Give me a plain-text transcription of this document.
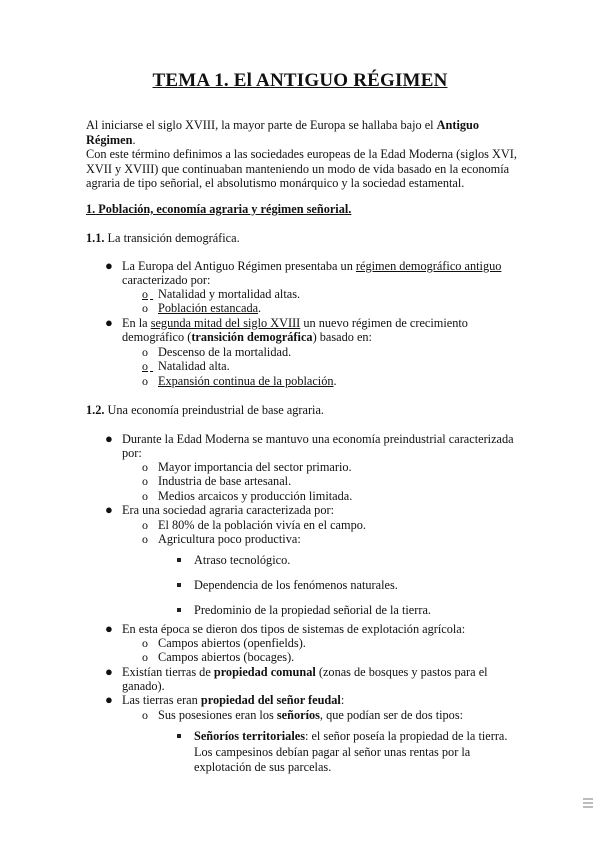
TEMA 1. El ANTIGUO RÉGIMEN
Al iniciarse el siglo XVIII, la mayor parte de Europa se hallaba bajo el Antiguo Régimen.
Con este término definimos a las sociedades europeas de la Edad Moderna (siglos XVI, XVII y XVIII) que continuaban manteniendo un modo de vida basado en la economía agraria de tipo señorial, el absolutismo monárquico y la sociedad estamental.
1. Población, economía agraria y régimen señorial.
1.1. La transición demográfica.
● La Europa del Antiguo Régimen presentaba un régimen demográfico antiguo
caracterizado por:
o
Natalidad y mortalidad altas.
o Población estancada.
● En la segunda mitad del siglo XVIII un nuevo régimen de crecimiento
demográfico (transición demográfica) basado en:
o Descenso de la mortalidad.
o
Natalidad alta.
o Expansión continua de la población.
1.2. Una economía preindustrial de base agraria.
● Durante la Edad Moderna se mantuvo una economía preindustrial caracterizada
por:
o Mayor importancia del sector primario.
o Industria de base artesanal.
o Medios arcaicos y producción limitada.
● Era una sociedad agraria caracterizada por:
o El 80% de la población vivía en el campo.
o Agricultura poco productiva:
Atraso tecnológico.
Dependencia de los fenómenos naturales.
Predominio de la propiedad señorial de la tierra.
● En esta época se dieron dos tipos de sistemas de explotación agrícola:
o Campos abiertos (openfields).
o Campos abiertos (bocages).
● Existían tierras de propiedad comunal (zonas de bosques y pastos para el
ganado).
● Las tierras eran propiedad del señor feudal:
o Sus posesiones eran los señoríos, que podían ser de dos tipos:
Señoríos territoriales: el señor poseía la propiedad de la tierra.
Los campesinos debían pagar al señor unas rentas por la
explotación de sus parcelas.
